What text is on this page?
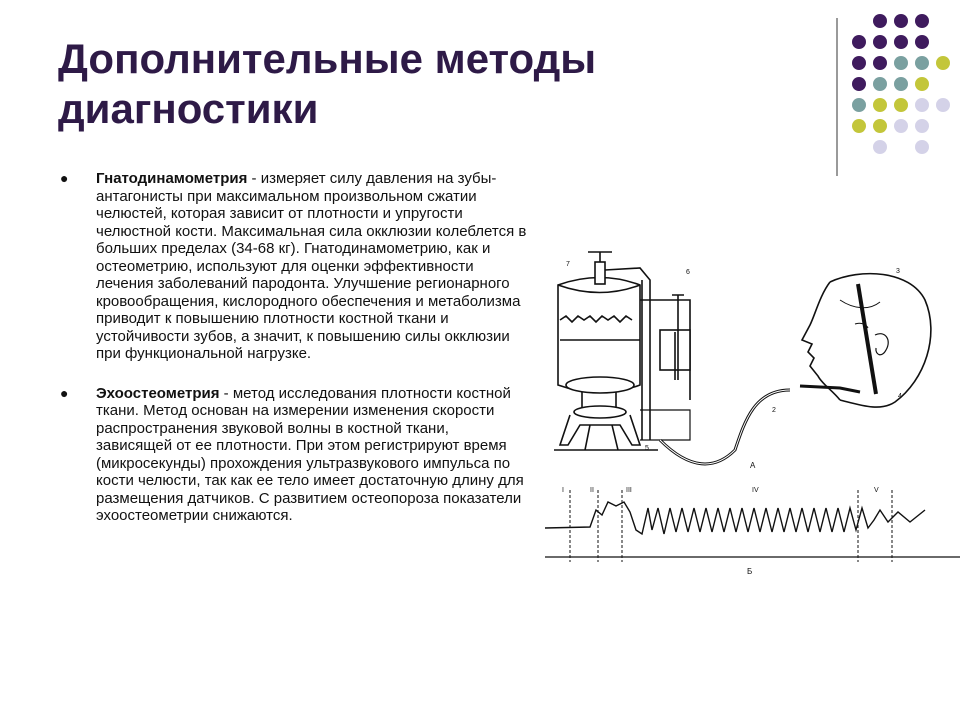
Дополнительные методы
диагностики
● Гнатодинамометрия - измеряет силу давления на зубы-антагонисты при максимальном произвольном сжатии челюстей, которая зависит от плотности и упругости челюстной кости. Максимальная сила окклюзии колеблется в больших пределах (34-68 кг). Гнатодинамометрию, как и остеометрию, используют для оценки эффективности лечения заболеваний пародонта. Улучшение регионарного кровообращения, кислородного обеспечения и метаболизма приводит к повышению плотности костной ткани и устойчивости зубов, а значит, к повышению силы окклюзии при функциональной нагрузке.
● Эхоостеометрия - метод исследования плотности костной ткани. Метод основан на измерении изменения скорости распространения звуковой волны в костной ткани, зависящей от ее плотности. При этом регистрируют время (микросекунды) прохождения ультразвукового импульса по кости челюсти, так как ее тело имеет достаточную длину для размещения датчиков. С развитием остеопороза показатели эхоостеометрии снижаются.
А
7
6	3
4
2
5
I	II	III	IV	V
Б
